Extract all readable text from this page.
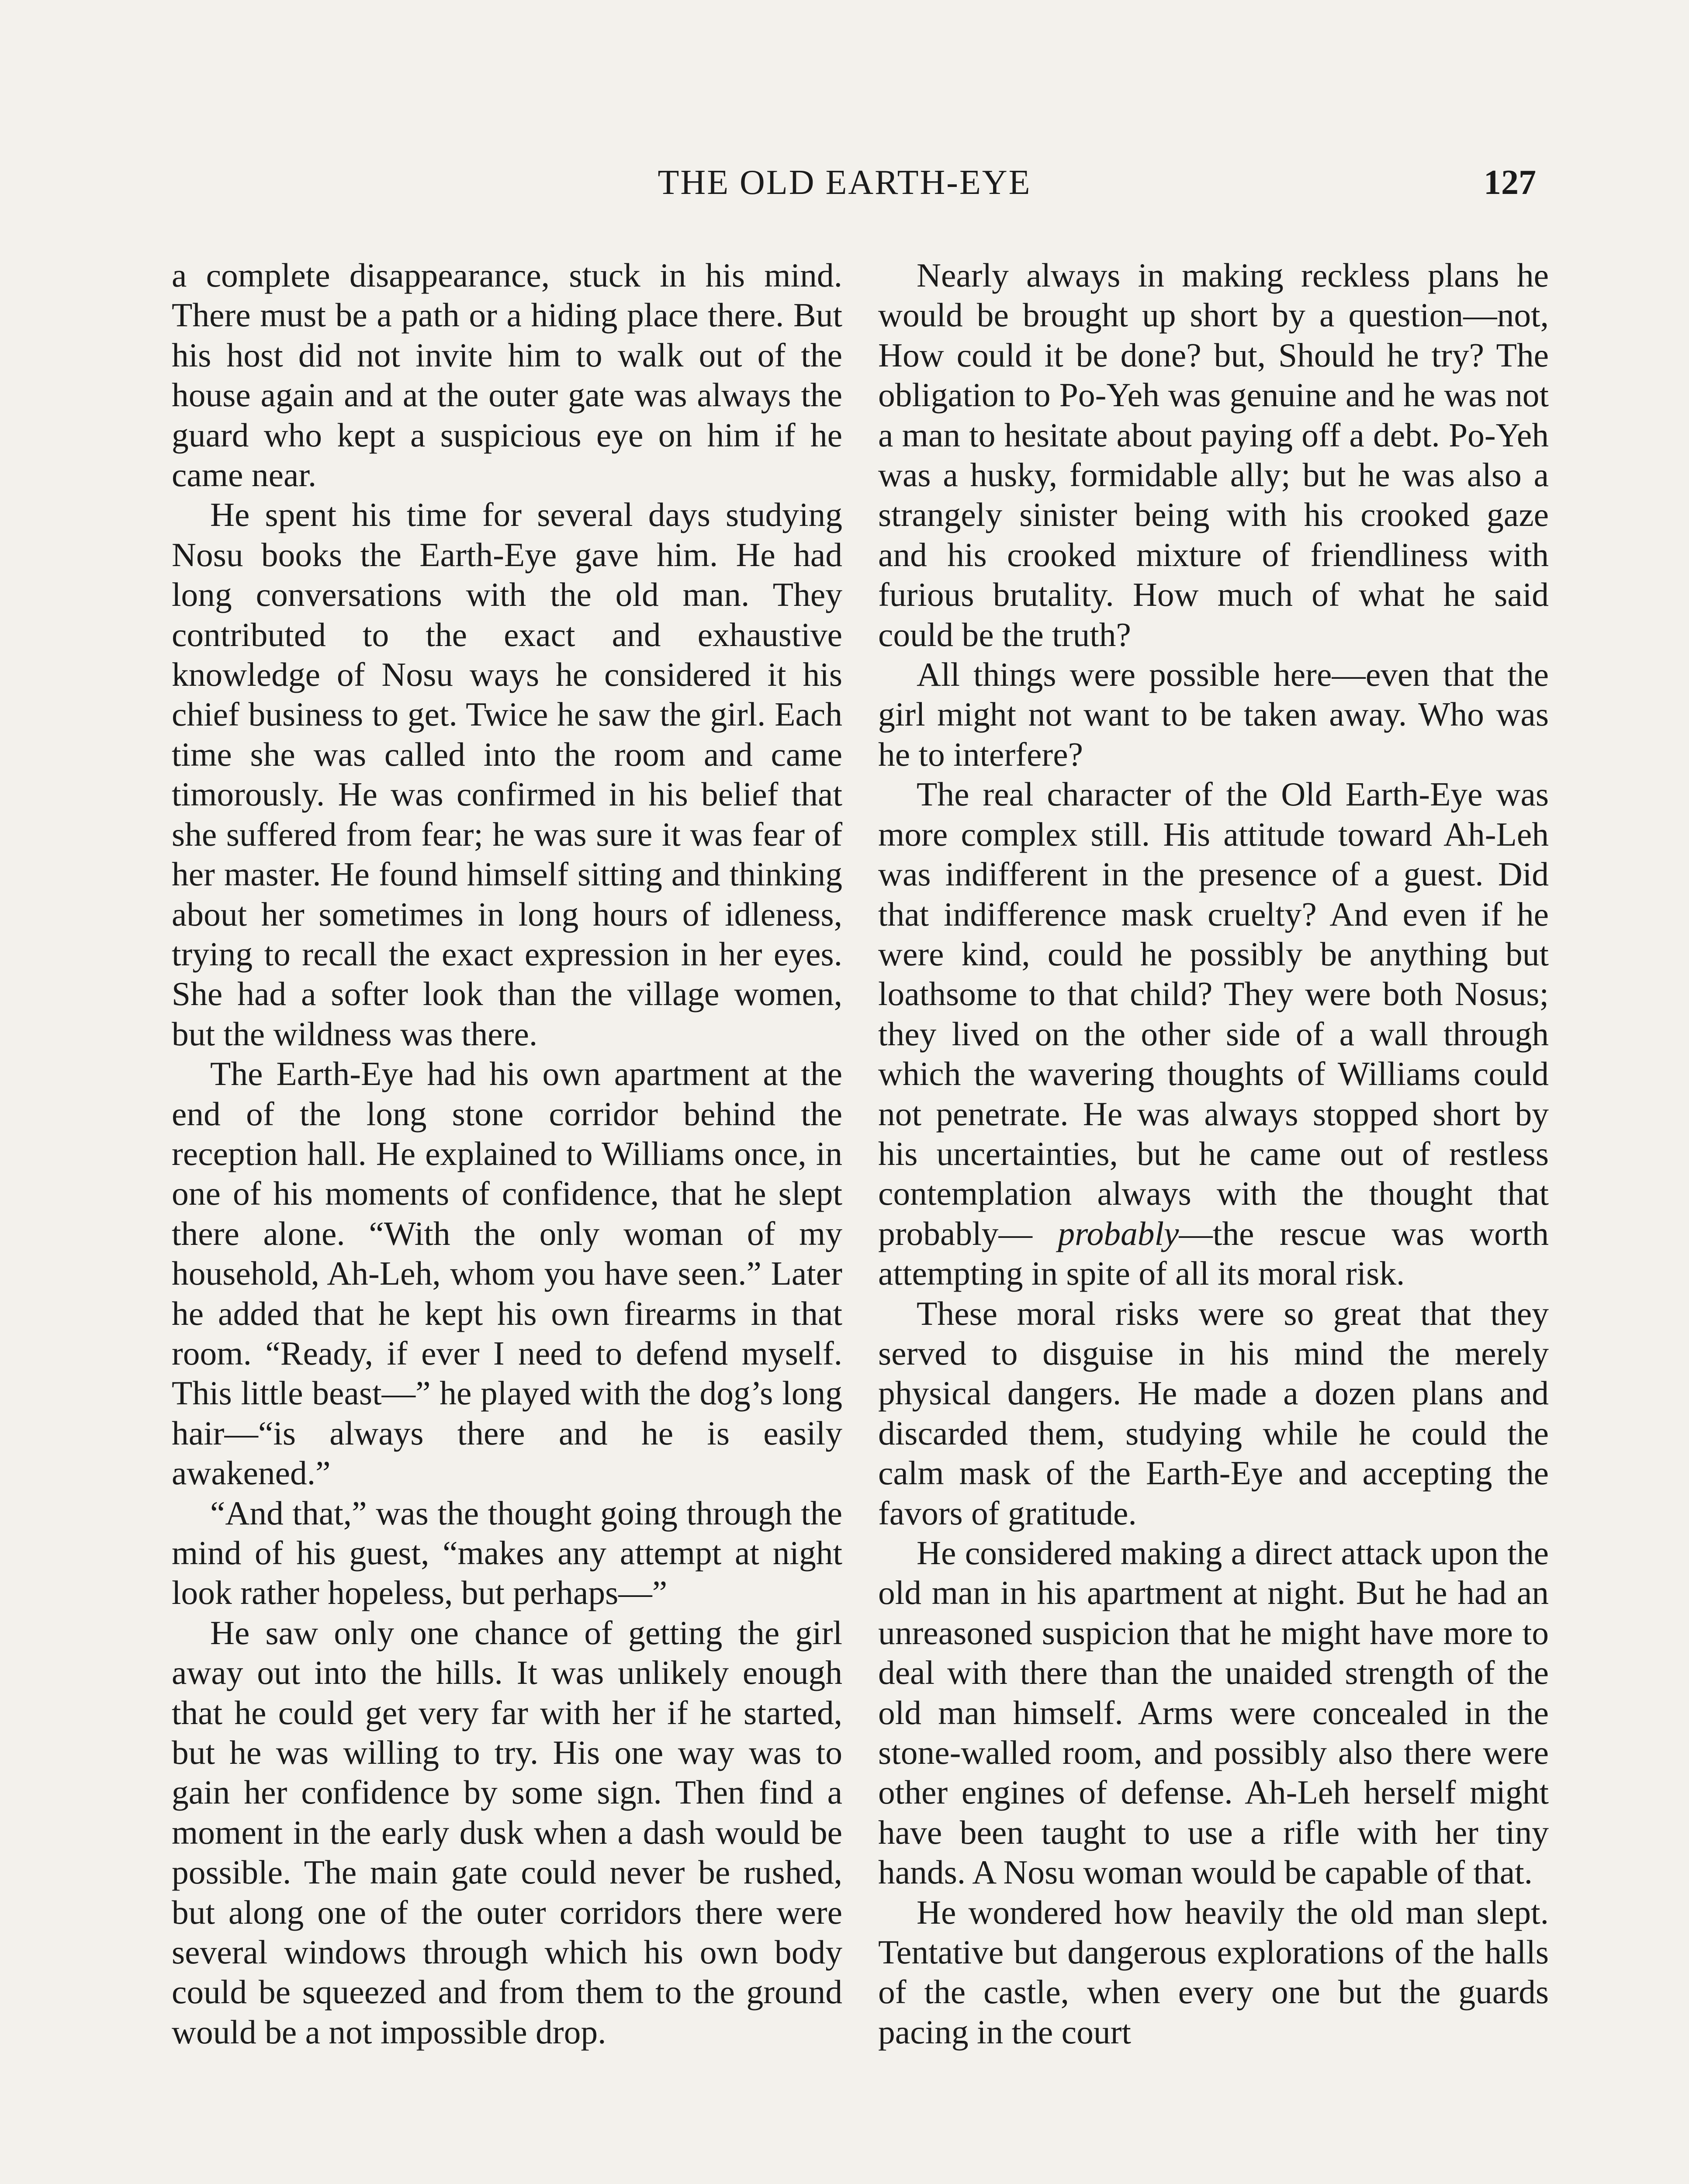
THE OLD EARTH-EYE	127

a complete disappearance, stuck in his mind. There must be a path or a hiding place there. But his host did not invite him to walk out of the house again and at the outer gate was always the guard who kept a suspicious eye on him if he came near.

He spent his time for several days studying Nosu books the Earth-Eye gave him. He had long conversations with the old man. They contributed to the exact and exhaustive knowledge of Nosu ways he considered it his chief business to get. Twice he saw the girl. Each time she was called into the room and came timorously. He was confirmed in his belief that she suffered from fear; he was sure it was fear of her master. He found himself sitting and thinking about her sometimes in long hours of idleness, trying to recall the exact expression in her eyes. She had a softer look than the village women, but the wildness was there.

The Earth-Eye had his own apartment at the end of the long stone corridor behind the reception hall. He explained to Williams once, in one of his moments of confidence, that he slept there alone. “With the only woman of my household, Ah-Leh, whom you have seen.” Later he added that he kept his own firearms in that room. “Ready, if ever I need to defend myself. This little beast—” he played with the dog’s long hair—“is always there and he is easily awakened.”

“And that,” was the thought going through the mind of his guest, “makes any attempt at night look rather hopeless, but perhaps—”

He saw only one chance of getting the girl away out into the hills. It was unlikely enough that he could get very far with her if he started, but he was willing to try. His one way was to gain her confidence by some sign. Then find a moment in the early dusk when a dash would be possible. The main gate could never be rushed, but along one of the outer corridors there were several windows through which his own body could be squeezed and from them to the ground would be a not impossible drop.

Nearly always in making reckless plans he would be brought up short by a question—not, How could it be done? but, Should he try? The obligation to Po-Yeh was genuine and he was not a man to hesitate about paying off a debt. Po-Yeh was a husky, formidable ally; but he was also a strangely sinister being with his crooked gaze and his crooked mixture of friendliness with furious brutality. How much of what he said could be the truth?

All things were possible here—even that the girl might not want to be taken away. Who was he to interfere?

The real character of the Old Earth-Eye was more complex still. His attitude toward Ah-Leh was indifferent in the presence of a guest. Did that indifference mask cruelty? And even if he were kind, could he possibly be anything but loathsome to that child? They were both Nosus; they lived on the other side of a wall through which the wavering thoughts of Williams could not penetrate. He was always stopped short by his uncertainties, but he came out of restless contemplation always with the thought that probably— probably—the rescue was worth attempting in spite of all its moral risk.

These moral risks were so great that they served to disguise in his mind the merely physical dangers. He made a dozen plans and discarded them, studying while he could the calm mask of the Earth-Eye and accepting the favors of gratitude.

He considered making a direct attack upon the old man in his apartment at night. But he had an unreasoned suspicion that he might have more to deal with there than the unaided strength of the old man himself. Arms were concealed in the stone-walled room, and possibly also there were other engines of defense. Ah-Leh herself might have been taught to use a rifle with her tiny hands. A Nosu woman would be capable of that.

He wondered how heavily the old man slept. Tentative but dangerous explorations of the halls of the castle, when every one but the guards pacing in the court
